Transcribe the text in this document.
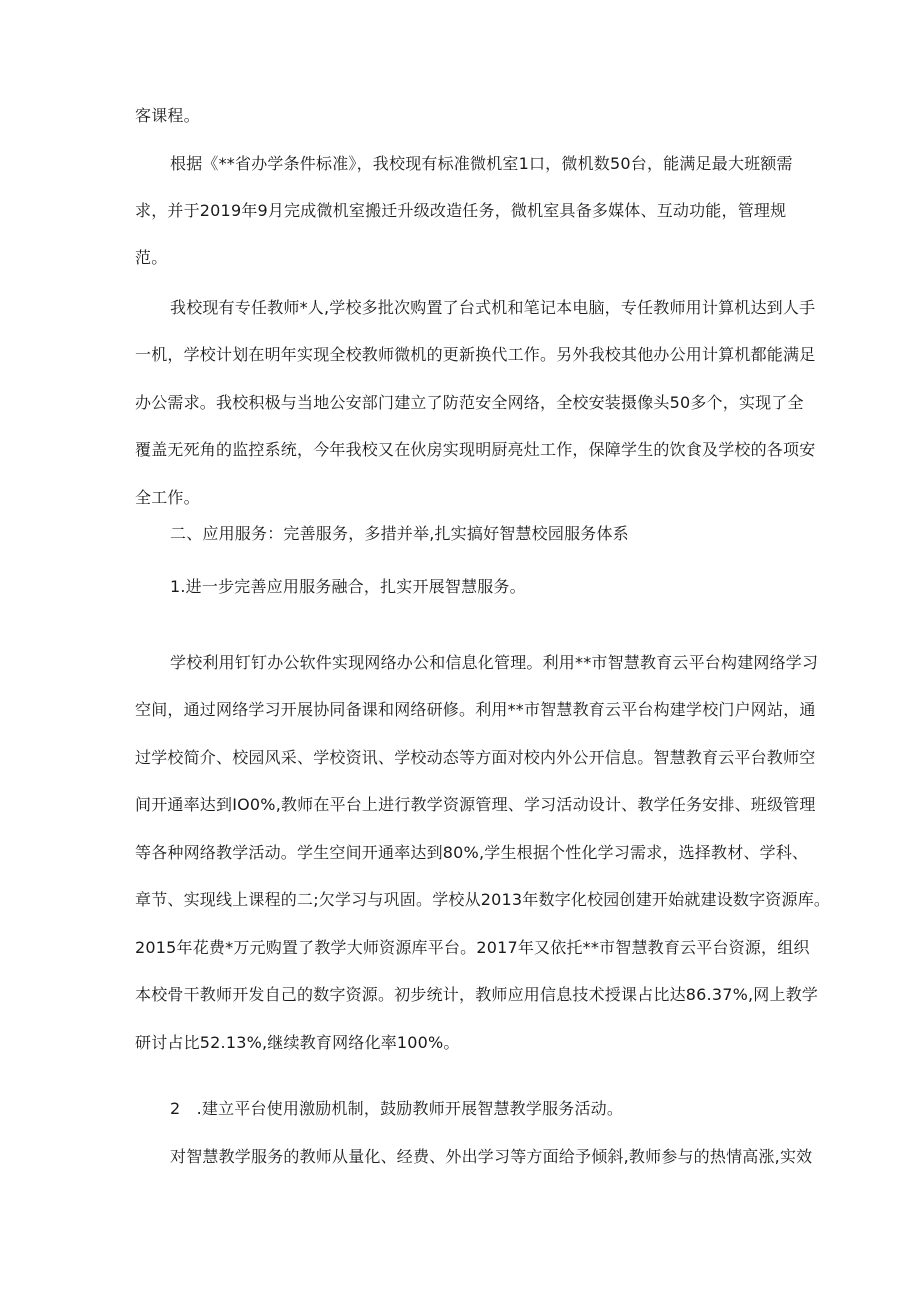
客课程。
根据《**省办学条件标准》，我校现有标准微机室1口，微机数50台，能满足最大班额需
求，并于2019年9月完成微机室搬迁升级改造任务，微机室具备多媒体、互动功能，管理规
范。
我校现有专任教师*人,学校多批次购置了台式机和笔记本电脑，专任教师用计算机达到人手
一机，学校计划在明年实现全校教师微机的更新换代工作。另外我校其他办公用计算机都能满足
办公需求。我校积极与当地公安部门建立了防范安全网络，全校安装摄像头50多个，实现了全
覆盖无死角的监控系统，今年我校又在伙房实现明厨亮灶工作，保障学生的饮食及学校的各项安
全工作。
二、应用服务：完善服务，多措并举,扎实搞好智慧校园服务体系
1.进一步完善应用服务融合，扎实开展智慧服务。
学校利用钉钉办公软件实现网络办公和信息化管理。利用**市智慧教育云平台构建网络学习
空间，通过网络学习开展协同备课和网络研修。利用**市智慧教育云平台构建学校门户网站，通
过学校简介、校园风采、学校资讯、学校动态等方面对校内外公开信息。智慧教育云平台教师空
间开通率达到IO0%,教师在平台上进行教学资源管理、学习活动设计、教学任务安排、班级管理
等各种网络教学活动。学生空间开通率达到80%,学生根据个性化学习需求，选择教材、学科、
章节、实现线上课程的二;欠学习与巩固。学校从2013年数字化校园创建开始就建设数字资源库。
2015年花费*万元购置了教学大师资源库平台。2017年又依托**市智慧教育云平台资源，组织
本校骨干教师开发自己的数字资源。初步统计，教师应用信息技术授课占比达86.37%,网上教学
研讨占比52.13%,继续教育网络化率100%。
2　.建立平台使用激励机制，鼓励教师开展智慧教学服务活动。
对智慧教学服务的教师从量化、经费、外出学习等方面给予倾斜,教师参与的热情高涨,实效
